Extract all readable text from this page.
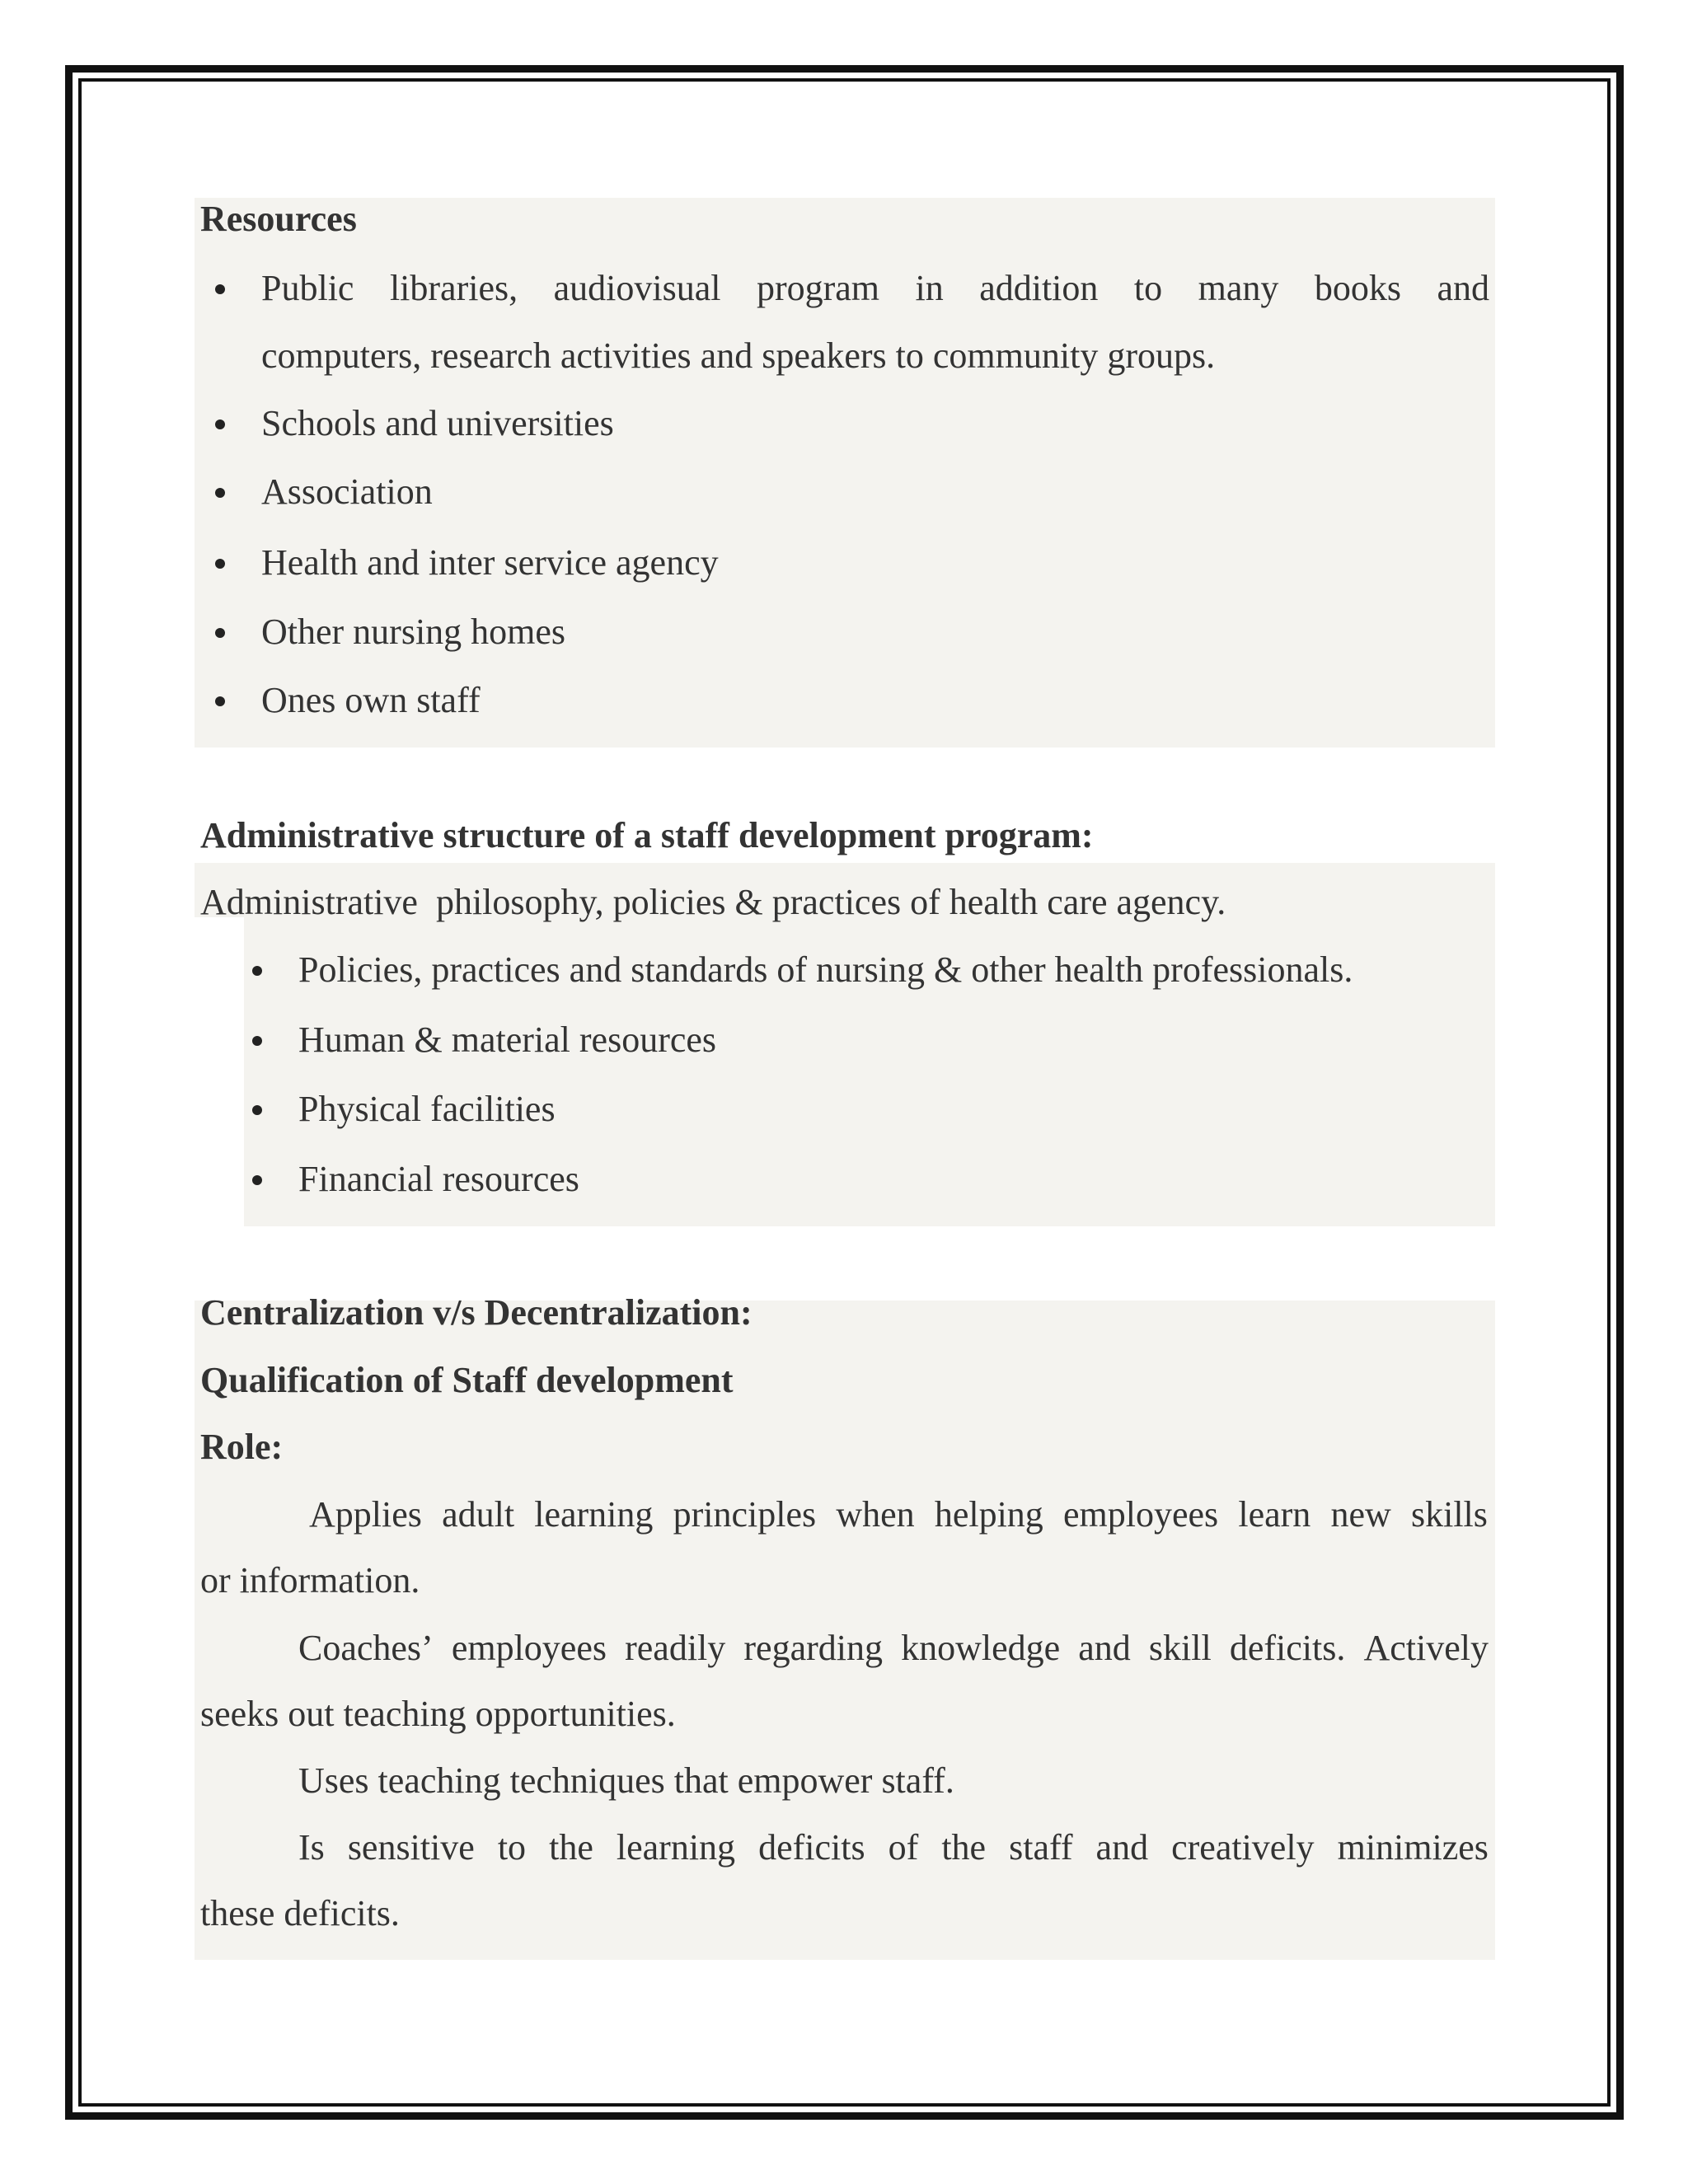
Resources
Public libraries, audiovisual program in addition to many books and
computers, research activities and speakers to community groups.
Schools and universities
Association
Health and inter service agency
Other nursing homes
Ones own staff
Administrative structure of a staff development program:
Administrative  philosophy, policies & practices of health care agency.
Policies, practices and standards of nursing & other health professionals.
Human & material resources
Physical facilities
Financial resources
Centralization v/s Decentralization:
Qualification of Staff development
Role:
Applies adult learning principles when helping employees learn new skills
or information.
Coaches’ employees readily regarding knowledge and skill deficits. Actively
seeks out teaching opportunities.
Uses teaching techniques that empower staff.
Is sensitive to the learning deficits of the staff and creatively minimizes
these deficits.
